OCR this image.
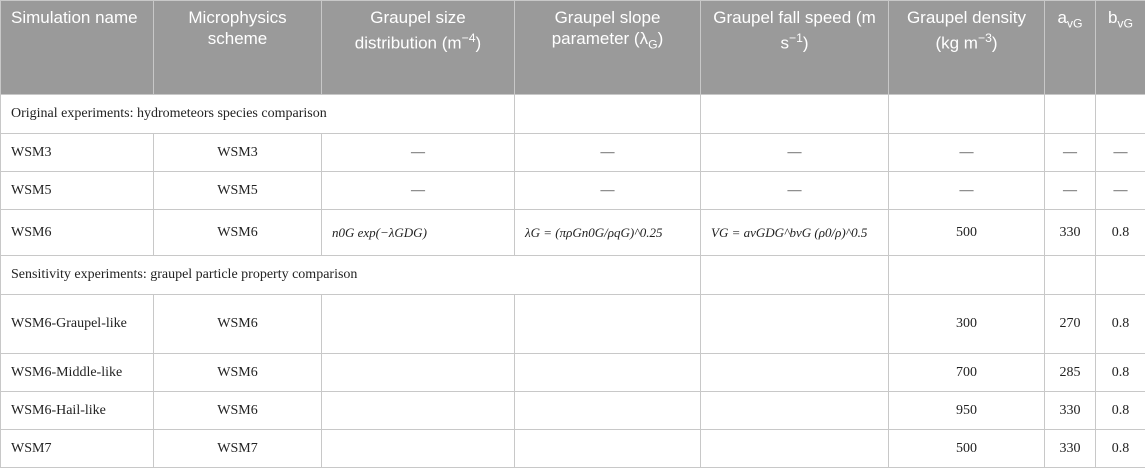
Simulation name	Microphysics scheme	Graupel size distribution $(m^{-4})$	Graupel slope parameter $(\lambda_G)$	Graupel fall speed (m $s^{-1}$)	Graupel density (kg $m^{-3}$)	$a_{vG}$	$b_{vG}$
Original experiments: hydrometeors species comparison							
WSM3	WSM3	—	—	—	—	—	—
WSM5	WSM5	—	—	—	—	—	—
WSM6	WSM6	n0G exp(−λGDG)	λG = (πρGn0G/ρqG)^0.25	VG = avGDG^bvG (ρ0/ρ)^0.5	500	330	0.8
Sensitivity experiments: graupel particle property comparison							
WSM6-Graupel-like	WSM6				300	270	0.8
WSM6-Middle-like	WSM6				700	285	0.8
WSM6-Hail-like	WSM6				950	330	0.8
WSM7	WSM7				500	330	0.8
